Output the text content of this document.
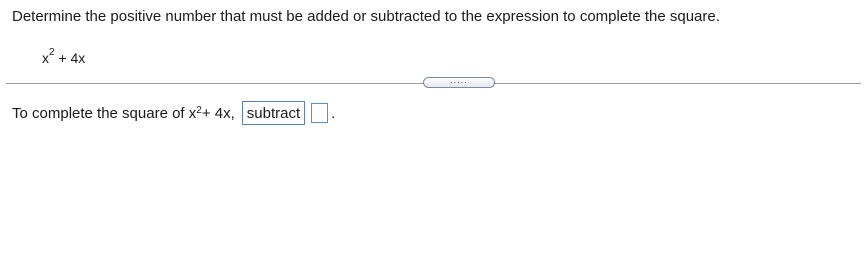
Determine the positive number that must be added or subtracted to the expression to complete the square.
$x^2 + 4x$
.....
To complete the square of $x^2 + 4x$, subtract .
